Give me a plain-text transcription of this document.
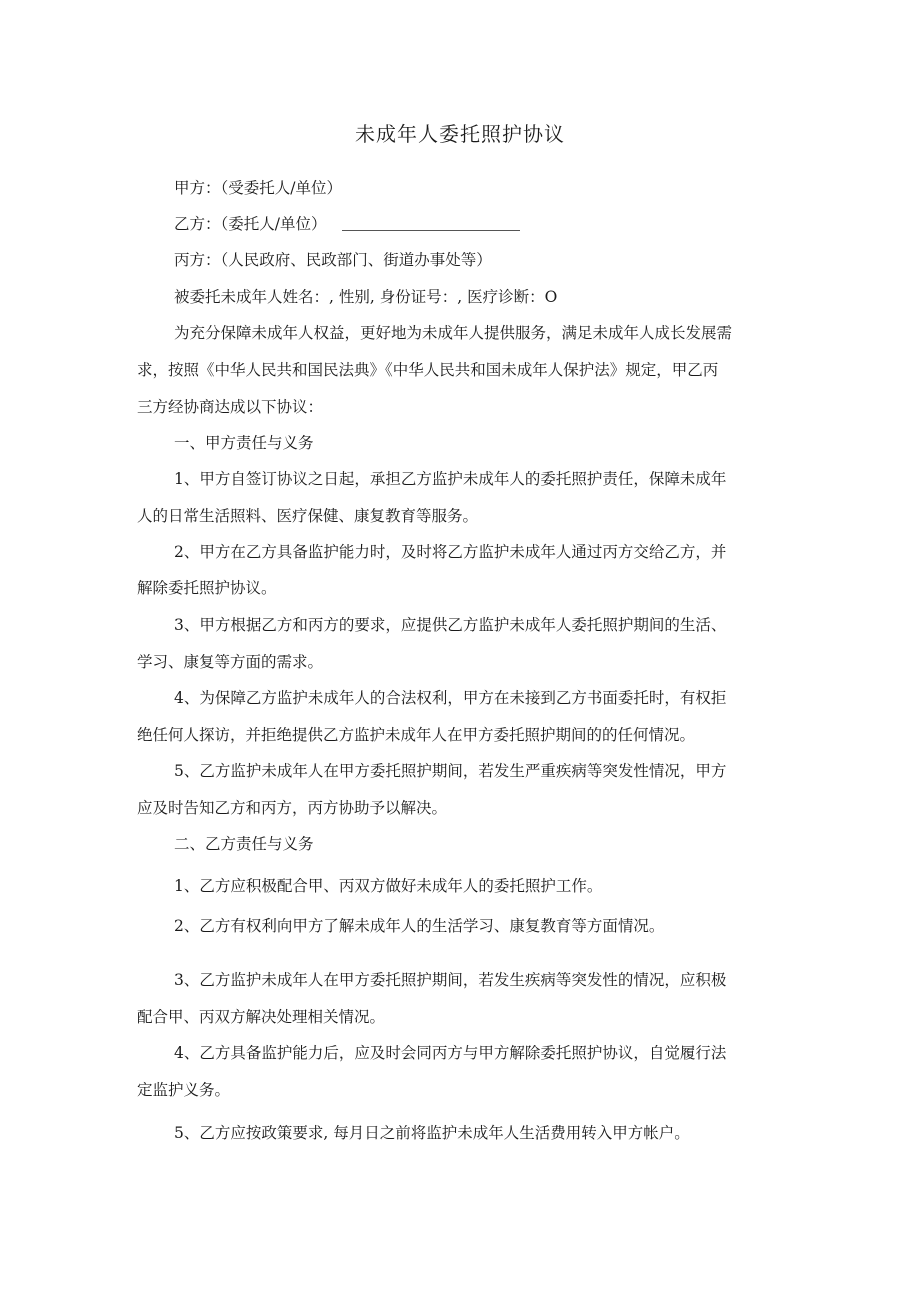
未成年人委托照护协议
甲方：（受委托人/单位）
乙方：（委托人/单位）
丙方：（人民政府、民政部门、街道办事处等）
被委托未成年人姓名：, 性别, 身份证号：, 医疗诊断：O
为充分保障未成年人权益，更好地为未成年人提供服务，满足未成年人成长发展需
求，按照《中华人民共和国民法典》《中华人民共和国未成年人保护法》规定，甲乙丙
三方经协商达成以下协议：
一、甲方责任与义务
1、甲方自签订协议之日起，承担乙方监护未成年人的委托照护责任，保障未成年
人的日常生活照料、医疗保健、康复教育等服务。
2、甲方在乙方具备监护能力时，及时将乙方监护未成年人通过丙方交给乙方，并
解除委托照护协议。
3、甲方根据乙方和丙方的要求，应提供乙方监护未成年人委托照护期间的生活、
学习、康复等方面的需求。
4、为保障乙方监护未成年人的合法权利，甲方在未接到乙方书面委托时，有权拒
绝任何人探访，并拒绝提供乙方监护未成年人在甲方委托照护期间的的任何情况。
5、乙方监护未成年人在甲方委托照护期间，若发生严重疾病等突发性情况，甲方
应及时告知乙方和丙方，丙方协助予以解决。
二、乙方责任与义务
1、乙方应积极配合甲、丙双方做好未成年人的委托照护工作。
2、乙方有权利向甲方了解未成年人的生活学习、康复教育等方面情况。
3、乙方监护未成年人在甲方委托照护期间，若发生疾病等突发性的情况，应积极
配合甲、丙双方解决处理相关情况。
4、乙方具备监护能力后，应及时会同丙方与甲方解除委托照护协议，自觉履行法
定监护义务。
5、乙方应按政策要求, 每月日之前将监护未成年人生活费用转入甲方帐户。
